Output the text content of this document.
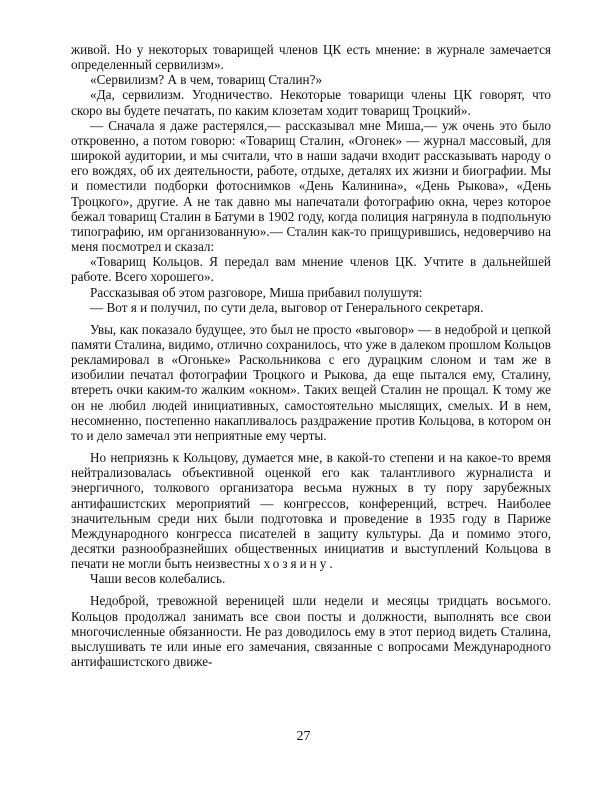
живой. Но у некоторых товарищей членов ЦК есть мнение: в журнале замечается определенный сервилизм».

«Сервилизм? А в чем, товарищ Сталин?»

«Да, сервилизм. Угодничество. Некоторые товарищи члены ЦК говорят, что скоро вы будете печатать, по каким клозетам ходит товарищ Троцкий».

— Сначала я даже растерялся,— рассказывал мне Миша,— уж очень это было откровенно, а потом говорю: «Товарищ Сталин, «Огонек» — журнал массовый, для широкой аудитории, и мы считали, что в наши задачи входит рассказывать народу о его вождях, об их деятельности, работе, отдыхе, деталях их жизни и биографии. Мы и поместили подборки фотоснимков «День Калинина», «День Рыкова», «День Троцкого», другие. А не так давно мы напечатали фотографию окна, через которое бежал товарищ Сталин в Батуми в 1902 году, когда полиция нагрянула в подпольную типографию, им организованную».— Сталин как-то прищурившись, недоверчиво на меня посмотрел и сказал:

«Товарищ Кольцов. Я передал вам мнение членов ЦК. Учтите в дальнейшей работе. Всего хорошего».

Рассказывая об этом разговоре, Миша прибавил полушутя:

— Вот я и получил, по сути дела, выговор от Генерального секретаря.

Увы, как показало будущее, это был не просто «выговор» — в недоброй и цепкой памяти Сталина, видимо, отлично сохранилось, что уже в далеком прошлом Кольцов рекламировал в «Огоньке» Раскольникова с его дурацким слоном и там же в изобилии печатал фотографии Троцкого и Рыкова, да еще пытался ему, Сталину, втереть очки каким-то жалким «окном». Таких вещей Сталин не прощал. К тому же он не любил людей инициативных, самостоятельно мыслящих, смелых. И в нем, несомненно, постепенно накапливалось раздражение против Кольцова, в котором он то и дело замечал эти неприятные ему черты.

Но неприязнь к Кольцову, думается мне, в какой-то степени и на какое-то время нейтрализовалась объективной оценкой его как талантливого журналиста и энергичного, толкового организатора весьма нужных в ту пору зарубежных антифашистских мероприятий — конгрессов, конференций, встреч. Наиболее значительным среди них были подготовка и проведение в 1935 году в Париже Международного конгресса писателей в защиту культуры. Да и помимо этого, десятки разнообразнейших общественных инициатив и выступлений Кольцова в печати не могли быть неизвестны хозяину.

Чаши весов колебались.

Недоброй, тревожной вереницей шли недели и месяцы тридцать восьмого. Кольцов продолжал занимать все свои посты и должности, выполнять все свои многочисленные обязанности. Не раз доводилось ему в этот период видеть Сталина, выслушивать те или иные его замечания, связанные с вопросами Международного антифашистского движе-

27
